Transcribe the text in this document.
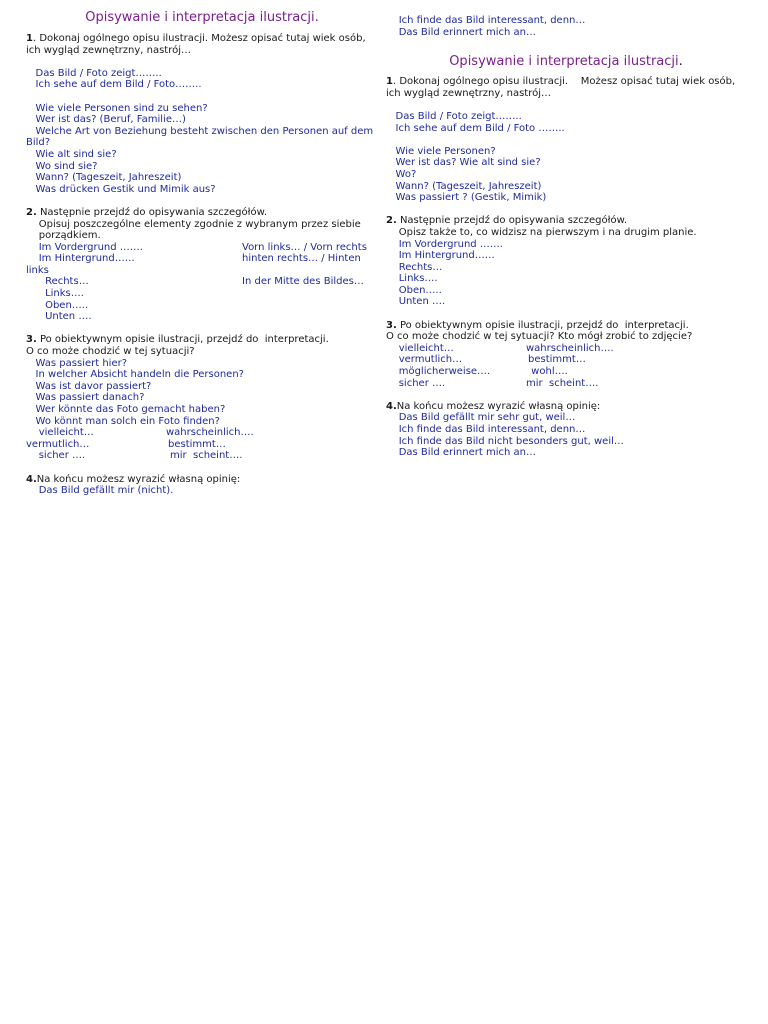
Opisywanie i interpretacja ilustracji.
1. Dokonaj ogólnego opisu ilustracji. Możesz opisać tutaj wiek osób, ich wygląd zewnętrzny, nastrój…
Das Bild / Foto zeigt……..
Ich sehe auf dem Bild / Foto……..
Wie viele Personen sind zu sehen?
Wer ist das? (Beruf, Familie…)
Welche Art von Beziehung besteht zwischen den Personen auf dem Bild?
Wie alt sind sie?
Wo sind sie?
Wann? (Tageszeit, Jahreszeit)
Was drücken Gestik und Mimik aus?
2. Następnie przejdź do opisywania szczegółów.
Opisuj poszczególne elementy zgodnie z wybranym przez siebie
porządkiem.
Im Vordergrund …….	Vorn links… / Vorn rechts
Im Hintergrund……	hinten rechts… / Hinten
links
Rechts…	In der Mitte des Bildes…
Links….
Oben…..
Unten ….
3. Po obiektywnym opisie ilustracji, przejdź do  interpretacji.
O co może chodzić w tej sytuacji?
Was passiert hier?
In welcher Absicht handeln die Personen?
Was ist davor passiert?
Was passiert danach?
Wer könnte das Foto gemacht haben?
Wo könnt man solch ein Foto finden?
vielleicht…	wahrscheinlich….
vermutlich…	bestimmt…
sicher ….	mir  scheint….
4.Na końcu możesz wyrazić własną opinię:
Das Bild gefällt mir (nicht).
Ich finde das Bild interessant, denn…
Das Bild erinnert mich an…
Opisywanie i interpretacja ilustracji.
1. Dokonaj ogólnego opisu ilustracji.    Możesz opisać tutaj wiek osób, ich wygląd zewnętrzny, nastrój…
Das Bild / Foto zeigt……..
Ich sehe auf dem Bild / Foto ……..
Wie viele Personen?
Wer ist das? Wie alt sind sie?
Wo?
Wann? (Tageszeit, Jahreszeit)
Was passiert ? (Gestik, Mimik)
2. Następnie przejdź do opisywania szczegółów.
Opisz także to, co widzisz na pierwszym i na drugim planie.
Im Vordergrund …….
Im Hintergrund……
Rechts…
Links….
Oben…..
Unten ….
3. Po obiektywnym opisie ilustracji, przejdź do  interpretacji.
O co może chodzić w tej sytuacji? Kto mógł zrobić to zdjęcie?
vielleicht…	wahrscheinlich….
vermutlich…	bestimmt…
möglicherweise….	wohl….
sicher ….	mir  scheint….
4.Na końcu możesz wyrazić własną opinię:
Das Bild gefällt mir sehr gut, weil…
Ich finde das Bild interessant, denn…
Ich finde das Bild nicht besonders gut, weil…
Das Bild erinnert mich an…
